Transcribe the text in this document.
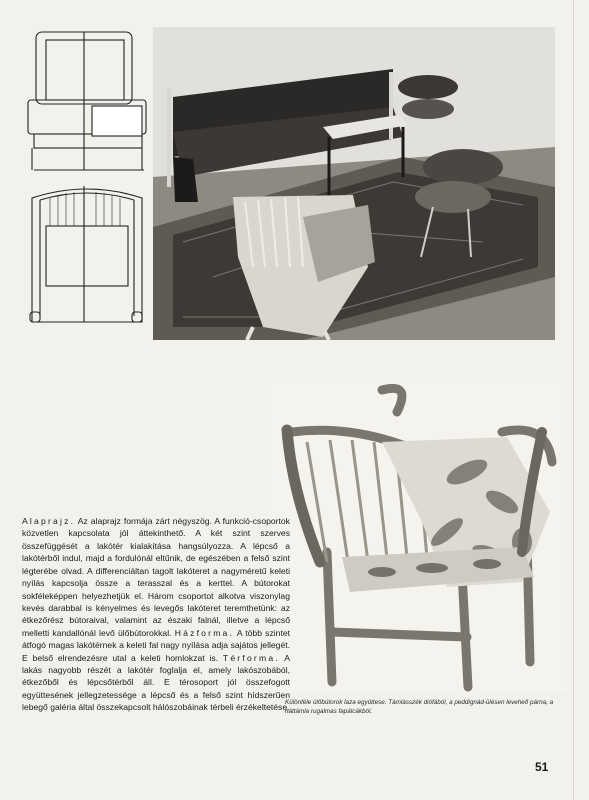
Alaprajz. Az alaprajz formája zárt négyszög. A funkció-csoportok közvetlen kapcsolata jól áttekinthető. A két szint szerves összefüggését a lakótér kialakítása hangsúlyozza. A lépcső a lakótérből indul, majd a fordulónál eltűnik, de egészében a felső szint légterébe olvad. A differenciáltan tagolt lakóteret a nagyméretű keleti nyílás kapcsolja össze a terasszal és a kerttel. A bútorokat sokféleképpen helyezhetjük el. Három csoportot alkotva viszonylag kevés darabbal is kényelmes és levegős lakóteret teremthetünk: az étkezőrész bútoraival, valamint az északi falnál, illetve a lépcső melletti kandallónál levő ülőbútorokkal. Házforma. A több szintet átfogó magas lakótérnek a keleti fal nagy nyílása adja sajátos jellegét. E belső elrendezésre utal a keleti homlokzat is. Térforma. A lakás nagyobb részét a lakótér foglalja el, amely lakószobából, étkezőből és lépcsőtérből áll. E térosoport jól összefogott együttesének jellegzetessége a lépcső és a felső szint hídszerűen lebegő galéria által összekapcsolt hálószobáinak térbeli érzékeltetése.

Különféle ülőbútorok laza együttese. Támlásszék diófából, a peddignád-ülésen leveheő párna, a háttámla rugalmas fapálcákból.
51
